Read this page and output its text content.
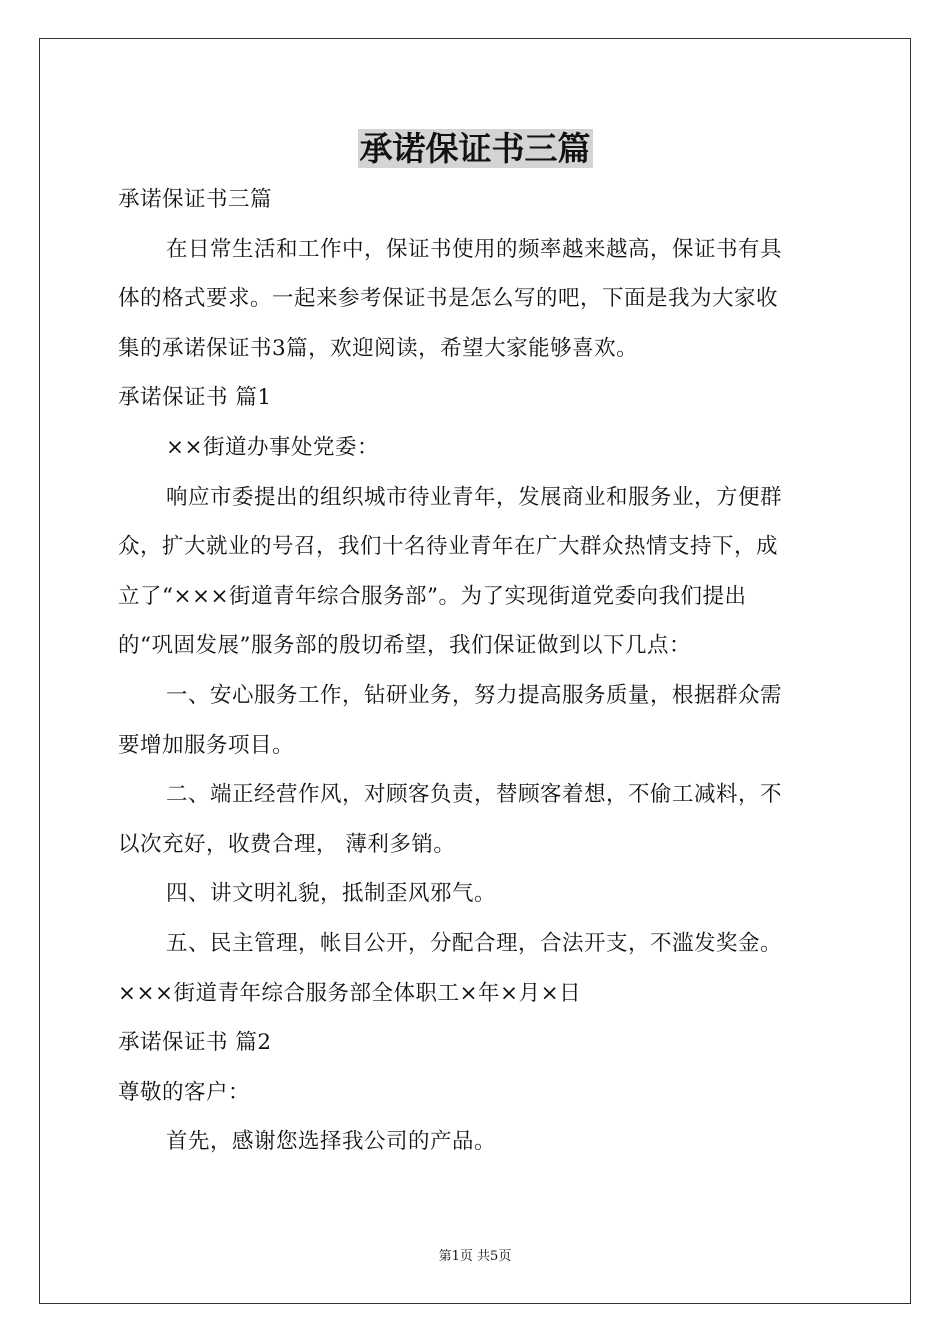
承诺保证书三篇
承诺保证书三篇
在日常生活和工作中，保证书使用的频率越来越高，保证书有具
体的格式要求。一起来参考保证书是怎么写的吧，下面是我为大家收
集的承诺保证书3篇，欢迎阅读，希望大家能够喜欢。
承诺保证书 篇1
××街道办事处党委：
响应市委提出的组织城市待业青年，发展商业和服务业，方便群
众，扩大就业的号召，我们十名待业青年在广大群众热情支持下，成
立了“×××街道青年综合服务部”。为了实现街道党委向我们提出
的“巩固发展”服务部的殷切希望，我们保证做到以下几点：
一、安心服务工作，钻研业务，努力提高服务质量，根据群众需
要增加服务项目。
二、端正经营作风，对顾客负责，替顾客着想，不偷工减料，不
以次充好，收费合理， 薄利多销。
四、讲文明礼貌，抵制歪风邪气。
五、民主管理，帐目公开，分配合理，合法开支，不滥发奖金。
×××街道青年综合服务部全体职工×年×月×日
承诺保证书 篇2
尊敬的客户：
首先，感谢您选择我公司的产品。
第1页 共5页
